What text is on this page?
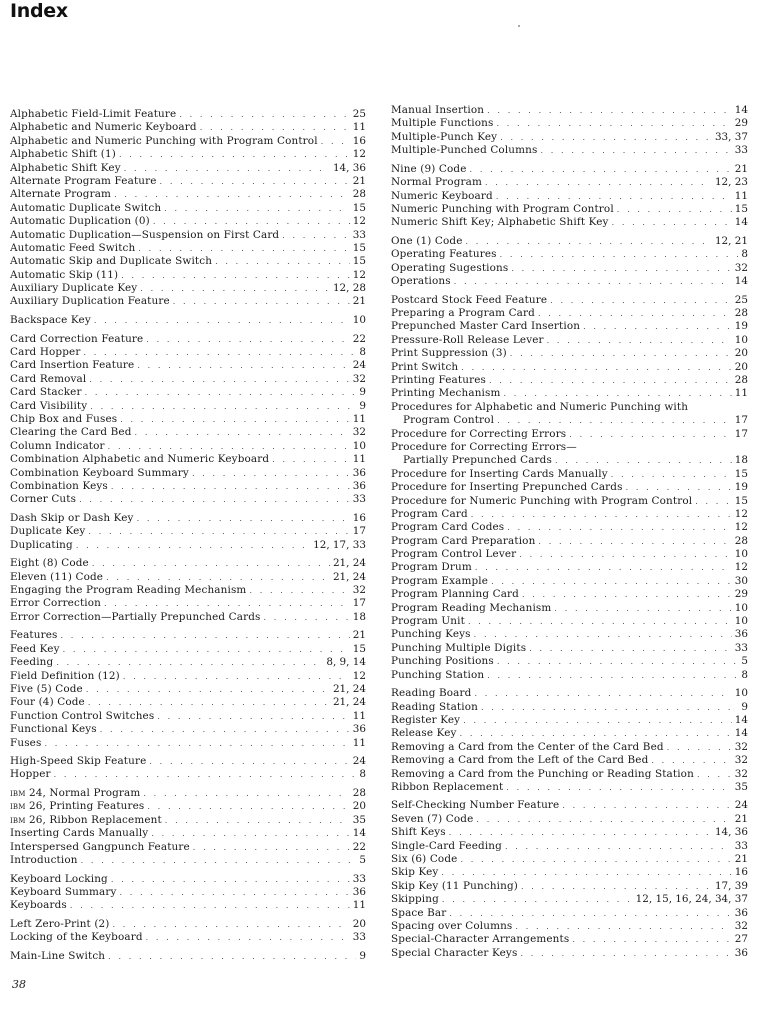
Index
Alphabetic Field-Limit Feature . . .	25
Alphabetic and Numeric Keyboard . . .	11
Alphabetic and Numeric Punching with Program Control . . .	16
Alphabetic Shift (1) . . .	12
Alphabetic Shift Key . . .	14, 36
Alternate Program Feature . . .	21
Alternate Program . . .	28
Automatic Duplicate Switch . . .	15
Automatic Duplication (0) . . .	12
Automatic Duplication—Suspension on First Card . . .	33
Automatic Feed Switch . . .	15
Automatic Skip and Duplicate Switch . . .	15
Automatic Skip (11) . . .	12
Auxiliary Duplicate Key . . .	12, 28
Auxiliary Duplication Feature . . .	21
Backspace Key . . .	10
Card Correction Feature . . .	22
Card Hopper . . .	8
Card Insertion Feature . . .	24
Card Removal . . .	32
Card Stacker . . .	9
Card Visibility . . .	9
Chip Box and Fuses . . .	11
Clearing the Card Bed . . .	32
Column Indicator . . .	10
Combination Alphabetic and Numeric Keyboard . . .	11
Combination Keyboard Summary . . .	36
Combination Keys . . .	36
Corner Cuts . . .	33
Dash Skip or Dash Key . . .	16
Duplicate Key . . .	17
Duplicating . . .	12, 17, 33
Eight (8) Code . . .	21, 24
Eleven (11) Code . . .	21, 24
Engaging the Program Reading Mechanism . . .	32
Error Correction . . .	17
Error Correction—Partially Prepunched Cards . . .	18
Features . . .	21
Feed Key . . .	15
Feeding . . .	8, 9, 14
Field Definition (12) . . .	12
Five (5) Code . . .	21, 24
Four (4) Code . . .	21, 24
Function Control Switches . . .	11
Functional Keys . . .	36
Fuses . . .	11
High-Speed Skip Feature . . .	24
Hopper . . .	8
ibm 24, Normal Program . . .	28
ibm 26, Printing Features . . .	20
ibm 26, Ribbon Replacement . . .	35
Inserting Cards Manually . . .	14
Interspersed Gangpunch Feature . . .	22
Introduction . . .	5
Keyboard Locking . . .	33
Keyboard Summary . . .	36
Keyboards . . .	11
Left Zero-Print (2) . . .	20
Locking of the Keyboard . . .	33
Main-Line Switch . . .	9
Manual Insertion . . .	14
Multiple Functions . . .	29
Multiple-Punch Key . . .	33, 37
Multiple-Punched Columns . . .	33
Nine (9) Code . . .	21
Normal Program . . .	12, 23
Numeric Keyboard . . .	11
Numeric Punching with Program Control . . .	15
Numeric Shift Key; Alphabetic Shift Key . . .	14
One (1) Code . . .	12, 21
Operating Features . . .	8
Operating Sugestions . . .	32
Operations . . .	14
Postcard Stock Feed Feature . . .	25
Preparing a Program Card . . .	28
Prepunched Master Card Insertion . . .	19
Pressure-Roll Release Lever . . .	10
Print Suppression (3) . . .	20
Print Switch . . .	20
Printing Features . . .	28
Printing Mechanism . . .	11
Procedures for Alphabetic and Numeric Punching with
Program Control . . .	17
Procedure for Correcting Errors . . .	17
Procedure for Correcting Errors—
Partially Prepunched Cards . . .	18
Procedure for Inserting Cards Manually . . .	15
Procedure for Inserting Prepunched Cards . . .	19
Procedure for Numeric Punching with Program Control . . .	15
Program Card . . .	12
Program Card Codes . . .	12
Program Card Preparation . . .	28
Program Control Lever . . .	10
Program Drum . . .	12
Program Example . . .	30
Program Planning Card . . .	29
Program Reading Mechanism . . .	10
Program Unit . . .	10
Punching Keys . . .	36
Punching Multiple Digits . . .	33
Punching Positions . . .	5
Punching Station . . .	8
Reading Board . . .	10
Reading Station . . .	9
Register Key . . .	14
Release Key . . .	14
Removing a Card from the Center of the Card Bed . . .	32
Removing a Card from the Left of the Card Bed . . .	32
Removing a Card from the Punching or Reading Station . . .	32
Ribbon Replacement . . .	35
Self-Checking Number Feature . . .	24
Seven (7) Code . . .	21
Shift Keys . . .	14, 36
Single-Card Feeding . . .	33
Six (6) Code . . .	21
Skip Key . . .	16
Skip Key (11 Punching) . . .	17, 39
Skipping . . .	12, 15, 16, 24, 34, 37
Space Bar . . .	36
Spacing over Columns . . .	32
Special-Character Arrangements . . .	27
Special Character Keys . . .	36
38
